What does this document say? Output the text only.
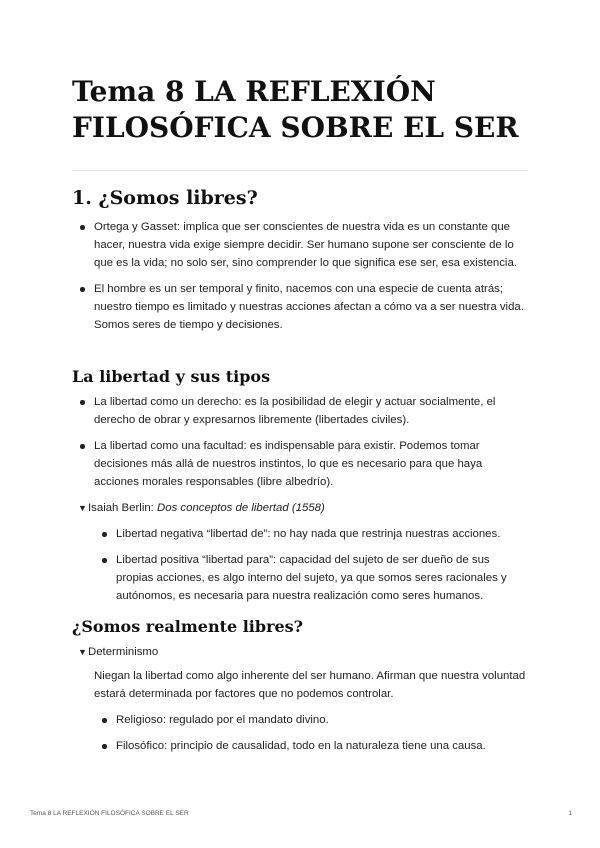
Tema 8 LA REFLEXIÓN FILOSÓFICA SOBRE EL SER
1. ¿Somos libres?
Ortega y Gasset: implica que ser conscientes de nuestra vida es un constante que hacer, nuestra vida exige siempre decidir. Ser humano supone ser consciente de lo que es la vida; no solo ser, sino comprender lo que significa ese ser, esa existencia.
El hombre es un ser temporal y finito, nacemos con una especie de cuenta atrás; nuestro tiempo es limitado y nuestras acciones afectan a cómo va a ser nuestra vida. Somos seres de tiempo y decisiones.
La libertad y sus tipos
La libertad como un derecho: es la posibilidad de elegir y actuar socialmente, el derecho de obrar y expresarnos libremente (libertades civiles).
La libertad como una facultad: es indispensable para existir. Podemos tomar decisiones más allá de nuestros instintos, lo que es necesario para que haya acciones morales responsables (libre albedrío).
▼ Isaiah Berlin: Dos conceptos de libertad (1558)
Libertad negativa “libertad de”: no hay nada que restrinja nuestras acciones.
Libertad positiva “libertad para”: capacidad del sujeto de ser dueño de sus propias acciones, es algo interno del sujeto, ya que somos seres racionales y autónomos, es necesaria para nuestra realización como seres humanos.
¿Somos realmente libres?
▼ Determinismo

Niegan la libertad como algo inherente del ser humano. Afirman que nuestra voluntad estará determinada por factores que no podemos controlar.

Religioso: regulado por el mandato divino.
Filosófico: principio de causalidad, todo en la naturaleza tiene una causa.
Tema 8 LA REFLEXIÓN FILOSÓFICA SOBRE EL SER	1
